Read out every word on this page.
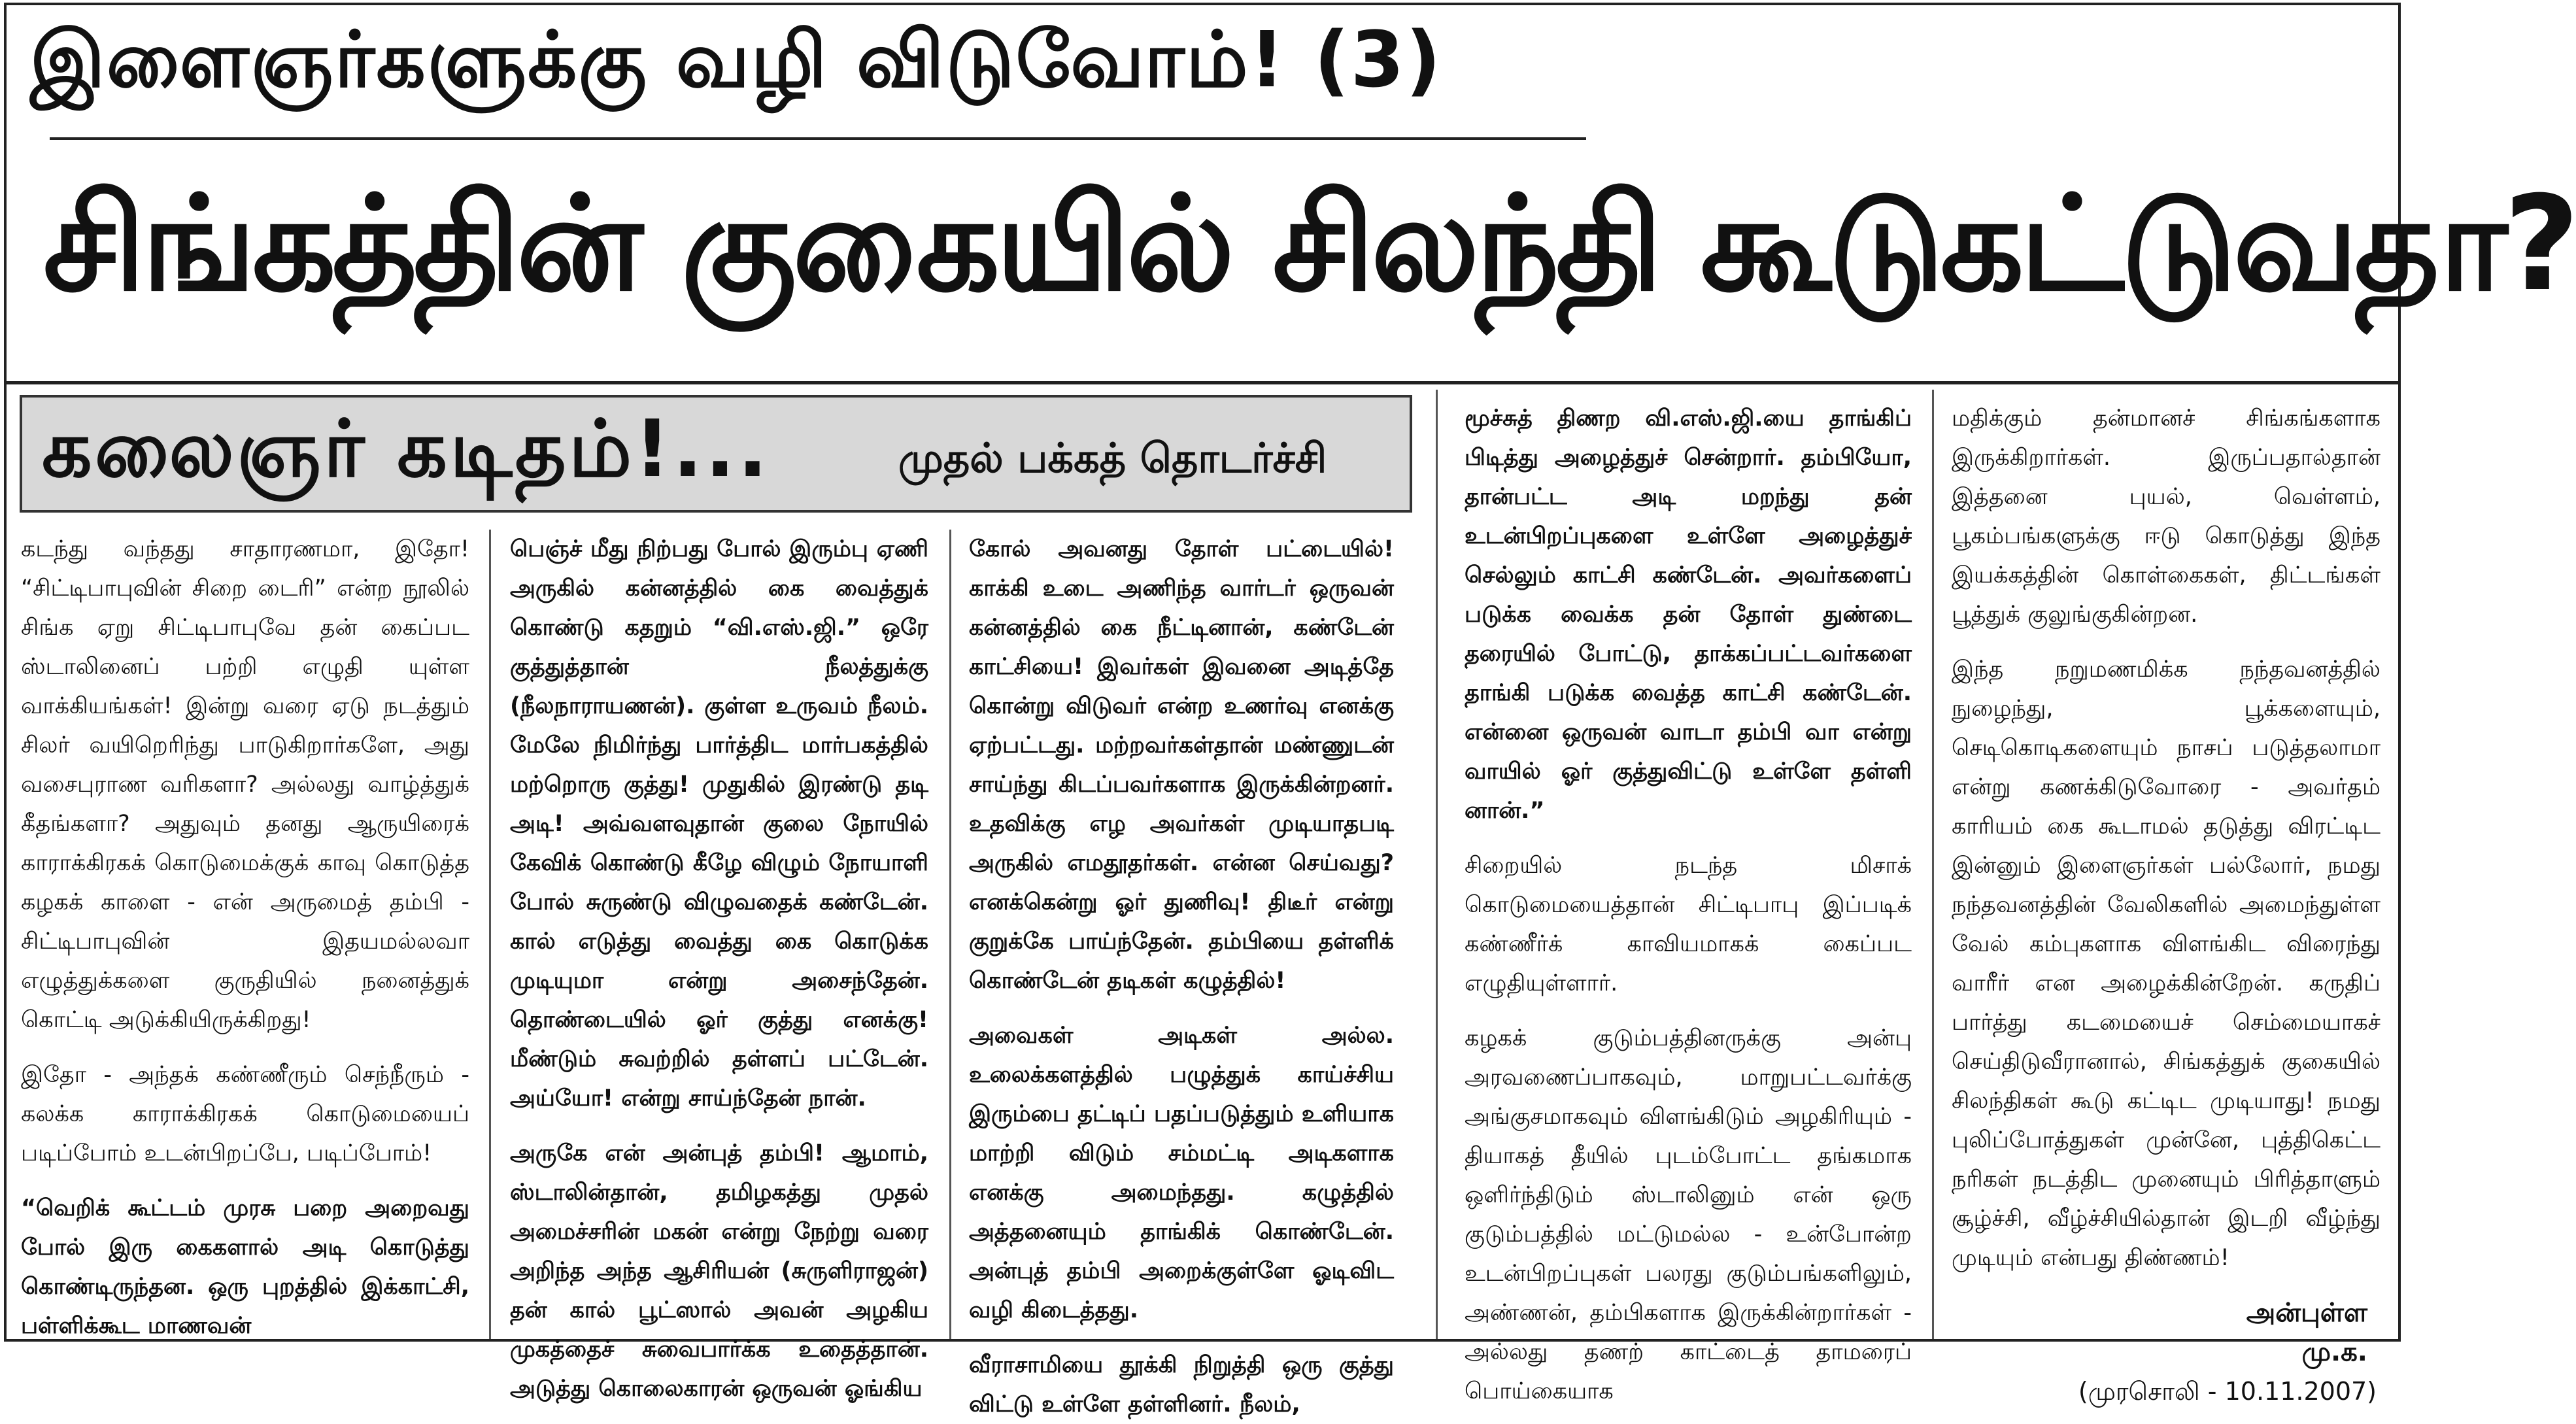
இளைஞர்களுக்கு வழி விடுவோம்! (3)
சிங்கத்தின் குகையில் சிலந்தி கூடுகட்டுவதா?
கலைஞர் கடிதம்!...	முதல் பக்கத் தொடர்ச்சி

கடந்து வந்தது சாதாரணமா, இதோ! “சிட்டிபாபுவின் சிறை டைரி” என்ற நூலில் சிங்க ஏறு சிட்டிபாபுவே தன் கைப்பட ஸ்டாலினைப் பற்றி எழுதி யுள்ள வாக்கியங்கள்! இன்று வரை ஏடு நடத்தும் சிலர் வயிறெரிந்து பாடுகிறார்களே, அது வசைபுராண வரிகளா? அல்லது வாழ்த்துக் கீதங்களா? அதுவும் தனது ஆருயிரைக் காராக்கிரகக் கொடுமைக்குக் காவு கொடுத்த கழகக் காளை - என் அருமைத் தம்பி - சிட்டிபாபுவின் இதயமல்லவா எழுத்துக்களை குருதியில் நனைத்துக் கொட்டி அடுக்கியிருக்கிறது!

இதோ - அந்தக் கண்ணீரும் செந்நீரும் - கலக்க காராக்கிரகக் கொடுமையைப் படிப்போம் உடன்பிறப்பே, படிப்போம்!

“வெறிக் கூட்டம் முரசு பறை அறைவது போல் இரு கைகளால் அடி கொடுத்து கொண்டிருந்தன. ஒரு புறத்தில் இக்காட்சி, பள்ளிக்கூட மாணவன்

பெஞ்ச் மீது நிற்பது போல் இரும்பு ஏணி அருகில் கன்னத்தில் கை வைத்துக் கொண்டு கதறும் “வி.எஸ்.ஜி.” ஒரே குத்துத்தான் நீலத்துக்கு (நீலநாராயணன்). குள்ள உருவம் நீலம். மேலே நிமிர்ந்து பார்த்திட மார்பகத்தில் மற்றொரு குத்து! முதுகில் இரண்டு தடி அடி! அவ்வளவுதான் குலை நோயில் கேவிக் கொண்டு கீழே விழும் நோயாளி போல் சுருண்டு விழுவதைக் கண்டேன். கால் எடுத்து வைத்து கை கொடுக்க முடியுமா என்று அசைந்தேன். தொண்டையில் ஓர் குத்து எனக்கு! மீண்டும் சுவற்றில் தள்ளப் பட்டேன். அய்யோ! என்று சாய்ந்தேன் நான்.

அருகே என் அன்புத் தம்பி! ஆமாம், ஸ்டாலின்தான், தமிழகத்து முதல் அமைச்சரின் மகன் என்று நேற்று வரை அறிந்த அந்த ஆசிரியன் (சுருளிராஜன்) தன் கால் பூட்ஸால் அவன் அழகிய முகத்தைச் சுவைபார்க்க உதைத்தான். அடுத்து கொலைகாரன் ஒருவன் ஓங்கிய

கோல் அவனது தோள் பட்டையில்! காக்கி உடை அணிந்த வார்டர் ஒருவன் கன்னத்தில் கை நீட்டினான், கண்டேன் காட்சியை! இவர்கள் இவனை அடித்தே கொன்று விடுவர் என்ற உணர்வு எனக்கு ஏற்பட்டது. மற்றவர்கள்தான் மண்ணுடன் சாய்ந்து கிடப்பவர்களாக இருக்கின்றனர். உதவிக்கு எழ அவர்கள் முடியாதபடி அருகில் எமதூதர்கள். என்ன செய்வது? எனக்கென்று ஓர் துணிவு! திடீர் என்று குறுக்கே பாய்ந்தேன். தம்பியை தள்ளிக் கொண்டேன் தடிகள் கழுத்தில்!

அவைகள் அடிகள் அல்ல. உலைக்களத்தில் பழுத்துக் காய்ச்சிய இரும்பை தட்டிப் பதப்படுத்தும் உளியாக மாற்றி விடும் சம்மட்டி அடிகளாக எனக்கு அமைந்தது. கழுத்தில் அத்தனையும் தாங்கிக் கொண்டேன். அன்புத் தம்பி அறைக்குள்ளே ஓடிவிட வழி கிடைத்தது.

வீராசாமியை தூக்கி நிறுத்தி ஒரு குத்து விட்டு உள்ளே தள்ளினர். நீலம்,

மூச்சுத் திணற வி.எஸ்.ஜி.யை தாங்கிப் பிடித்து அழைத்துச் சென்றார். தம்பியோ, தான்பட்ட அடி மறந்து தன் உடன்பிறப்புகளை உள்ளே அழைத்துச் செல்லும் காட்சி கண்டேன். அவர்களைப் படுக்க வைக்க தன் தோள் துண்டை தரையில் போட்டு, தாக்கப்பட்டவர்களை தாங்கி படுக்க வைத்த காட்சி கண்டேன். என்னை ஒருவன் வாடா தம்பி வா என்று வாயில் ஓர் குத்துவிட்டு உள்ளே தள்ளி னான்.”

சிறையில் நடந்த மிசாக் கொடுமையைத்தான் சிட்டிபாபு இப்படிக் கண்ணீர்க் காவியமாகக் கைப்பட எழுதியுள்ளார்.

கழகக் குடும்பத்தினருக்கு அன்பு அரவணைப்பாகவும், மாறுபட்டவர்க்கு அங்குசமாகவும் விளங்கிடும் அழகிரியும் - தியாகத் தீயில் புடம்போட்ட தங்கமாக ஒளிர்ந்திடும் ஸ்டாலினும் என் ஒரு குடும்பத்தில் மட்டுமல்ல - உன்போன்ற உடன்பிறப்புகள் பலரது குடும்பங்களிலும், அண்ணன், தம்பிகளாக இருக்கின்றார்கள் - அல்லது தணற் காட்டைத் தாமரைப் பொய்கையாக

மதிக்கும் தன்மானச் சிங்கங்களாக இருக்கிறார்கள். இருப்பதால்தான் இத்தனை புயல், வெள்ளம், பூகம்பங்களுக்கு ஈடு கொடுத்து இந்த இயக்கத்தின் கொள்கைகள், திட்டங்கள் பூத்துக் குலுங்குகின்றன.

இந்த நறுமணமிக்க நந்தவனத்தில் நுழைந்து, பூக்களையும், செடிகொடிகளையும் நாசப் படுத்தலாமா என்று கணக்கிடுவோரை - அவர்தம் காரியம் கை கூடாமல் தடுத்து விரட்டிட இன்னும் இளைஞர்கள் பல்லோர், நமது நந்தவனத்தின் வேலிகளில் அமைந்துள்ள வேல் கம்புகளாக விளங்கிட விரைந்து வாரீர் என அழைக்கின்றேன். கருதிப் பார்த்து கடமையைச் செம்மையாகச் செய்திடுவீரானால், சிங்கத்துக் குகையில் சிலந்திகள் கூடு கட்டிட முடியாது! நமது புலிப்போத்துகள் முன்னே, புத்திகெட்ட நரிகள் நடத்திட முனையும் பிரித்தாளும் சூழ்ச்சி, வீழ்ச்சியில்தான் இடறி வீழ்ந்து முடியும் என்பது திண்ணம்!

அன்புள்ள
மு.க.
(முரசொலி - 10.11.2007)
